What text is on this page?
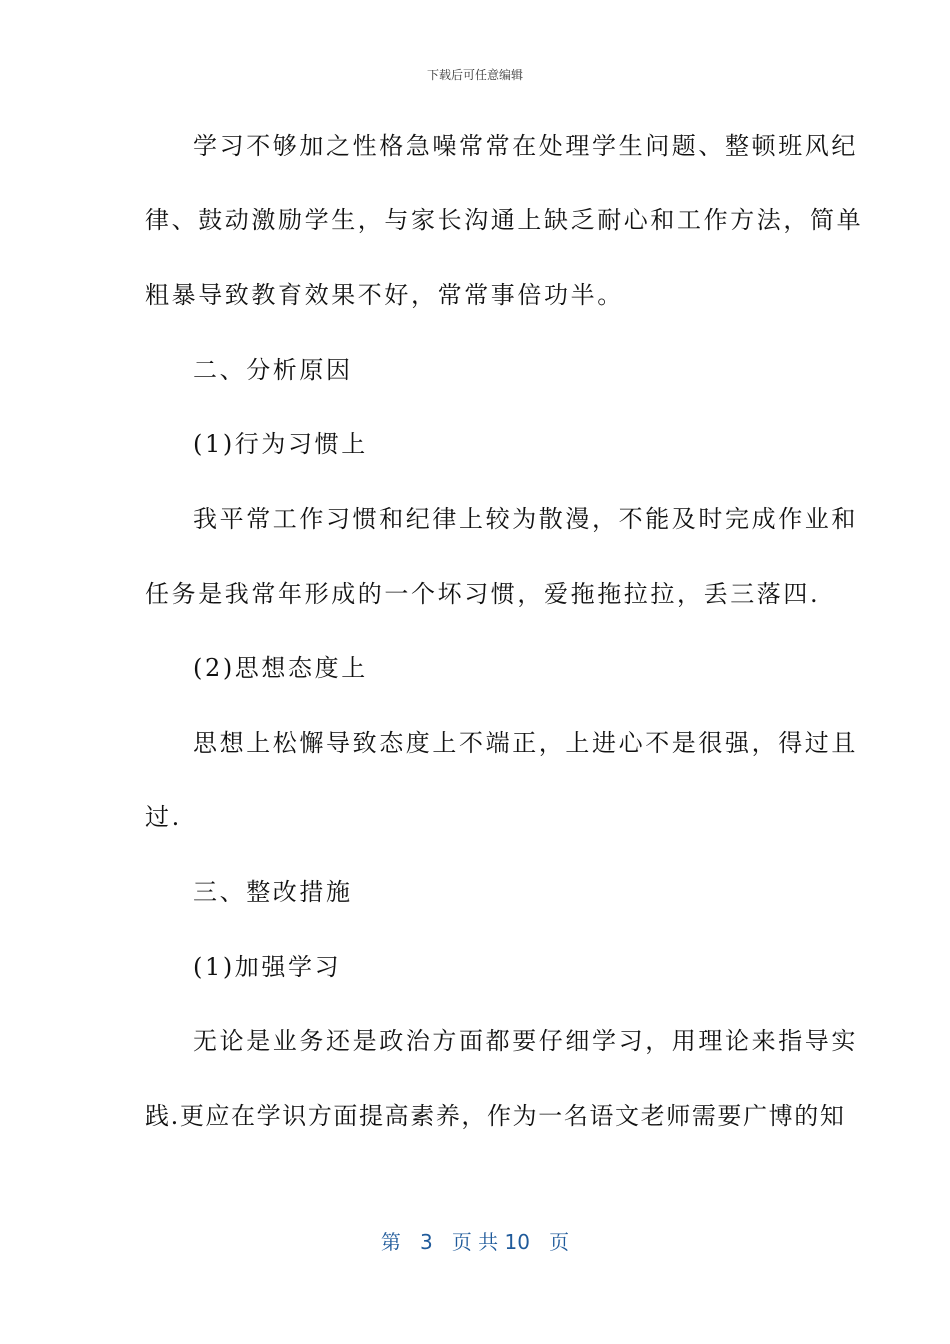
下载后可任意编辑
学习不够加之性格急噪常常在处理学生问题、整顿班风纪
律、鼓动激励学生，与家长沟通上缺乏耐心和工作方法，简单
粗暴导致教育效果不好，常常事倍功半。
二、分析原因
(1)行为习惯上
我平常工作习惯和纪律上较为散漫，不能及时完成作业和
任务是我常年形成的一个坏习惯，爱拖拖拉拉，丢三落四.
(2)思想态度上
思想上松懈导致态度上不端正，上进心不是很强，得过且
过.
三、整改措施
(1)加强学习
无论是业务还是政治方面都要仔细学习，用理论来指导实
践.更应在学识方面提高素养，作为一名语文老师需要广博的知
第 3 页 共 10 页
